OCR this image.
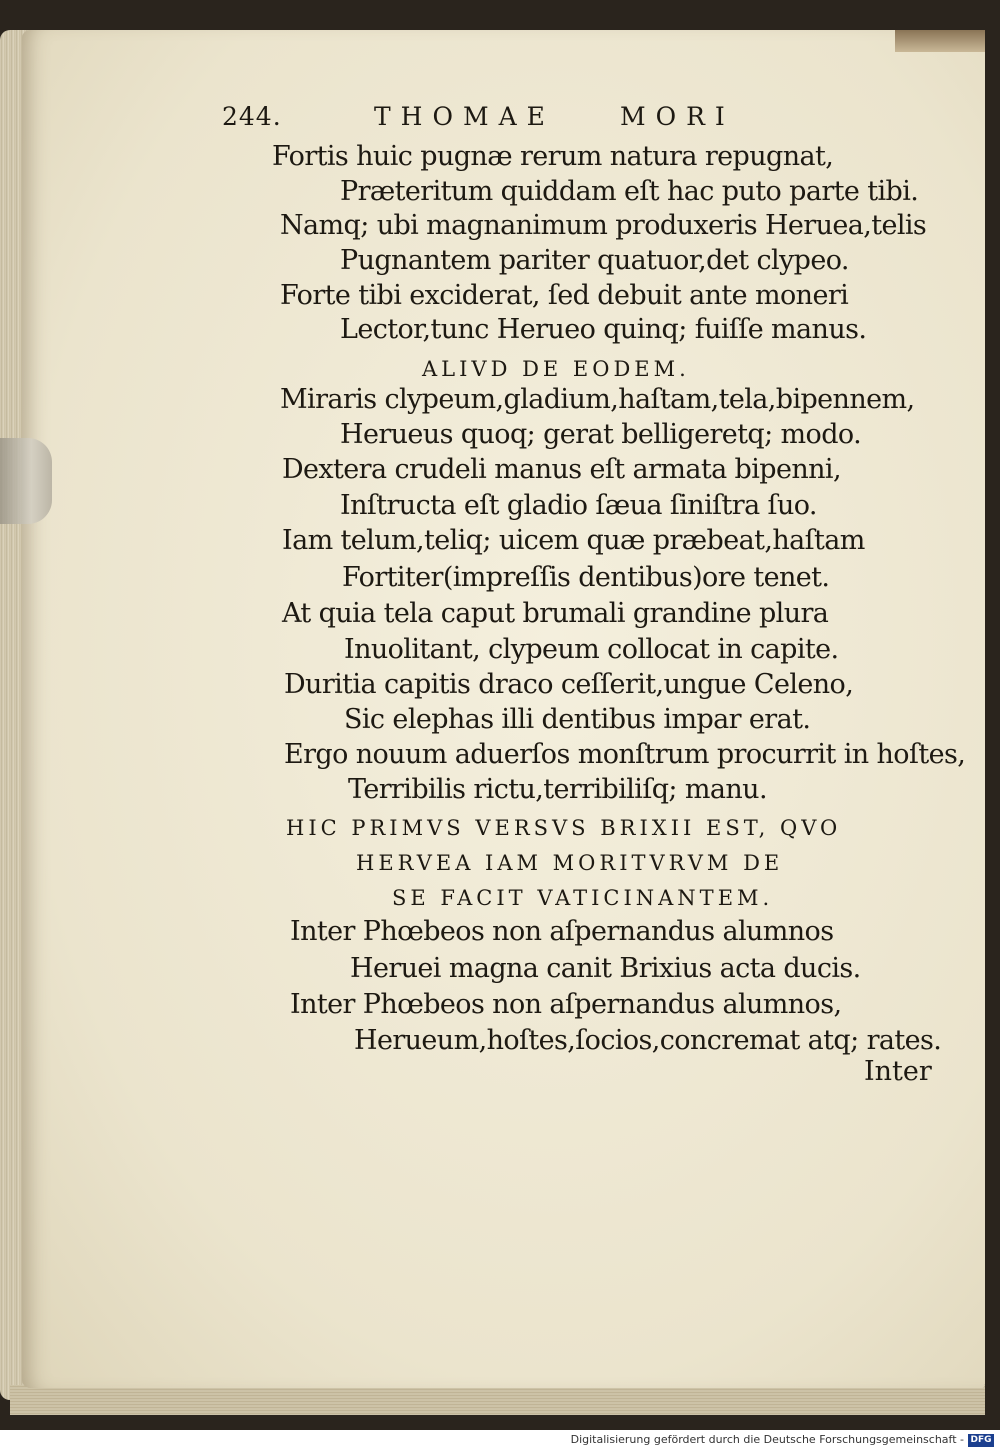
244.	THOMAE	MORI
Fortis huic pugnæ rerum natura repugnat,
Præteritum quiddam eſt hac puto parte tibi.
Namq; ubi magnanimum produxeris Heruea,telis
Pugnantem pariter quatuor,det clypeo.
Forte tibi exciderat, ſed debuit ante moneri
Lector,tunc Herueo quinq; fuiſſe manus.
ALIVD DE EODEM.
Miraris clypeum,gladium,haſtam,tela,bipennem,
Herueus quoq; gerat belligeretq; modo.
Dextera crudeli manus eſt armata bipenni,
Inſtructa eſt gladio ſæua ſiniſtra ſuo.
Iam telum,teliq; uicem quæ præbeat,haſtam
Fortiter(impreſſis dentibus)ore tenet.
At quia tela caput brumali grandine plura
Inuolitant, clypeum collocat in capite.
Duritia capitis draco ceſſerit,ungue Celeno,
Sic elephas illi dentibus impar erat.
Ergo nouum aduerſos monſtrum procurrit in hoſtes,
Terribilis rictu,terribiliſq; manu.
HIC PRIMVS VERSVS BRIXII EST, QVO
HERVEA IAM MORITVRVM DE
SE FACIT VATICINANTEM.
Inter Phœbeos non aſpernandus alumnos
Heruei magna canit Brixius acta ducis.
Inter Phœbeos non aſpernandus alumnos,
Herueum,hoſtes,ſocios,concremat atq; rates.
Inter
Digitalisierung gefördert durch die Deutsche Forschungsgemeinschaft - DFG
